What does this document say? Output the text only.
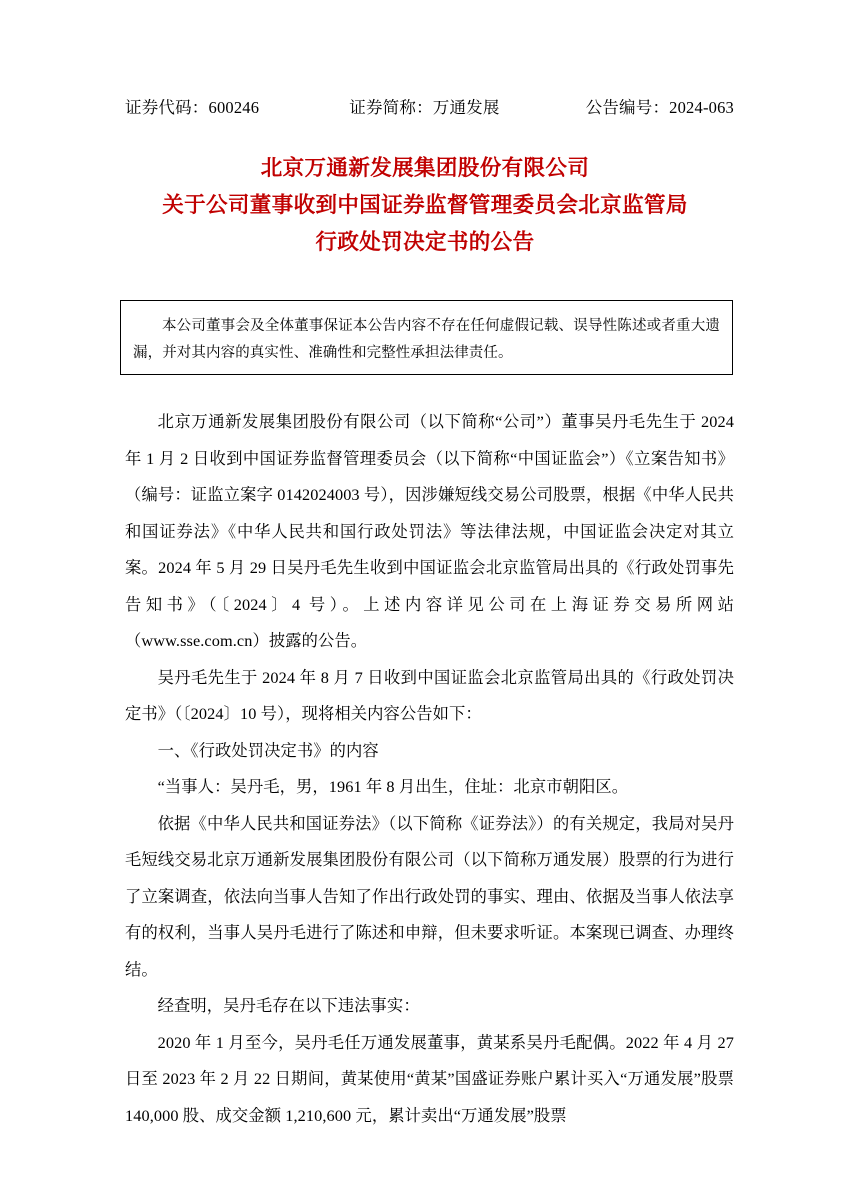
证券代码：600246	证券简称：万通发展	公告编号：2024-063
北京万通新发展集团股份有限公司
关于公司董事收到中国证券监督管理委员会北京监管局
行政处罚决定书的公告

本公司董事会及全体董事保证本公告内容不存在任何虚假记载、误导性陈述或者重大遗漏，并对其内容的真实性、准确性和完整性承担法律责任。

北京万通新发展集团股份有限公司（以下简称“公司”）董事吴丹毛先生于 2024 年 1 月 2 日收到中国证券监督管理委员会（以下简称“中国证监会”）《立案告知书》（编号：证监立案字 0142024003 号），因涉嫌短线交易公司股票，根据《中华人民共和国证券法》《中华人民共和国行政处罚法》等法律法规，中国证监会决定对其立案。2024 年 5 月 29 日吴丹毛先生收到中国证监会北京监管局出具的《行政处罚事先告知书》（〔2024〕4 号）。上述内容详见公司在上海证券交易所网站（www.sse.com.cn）披露的公告。

吴丹毛先生于 2024 年 8 月 7 日收到中国证监会北京监管局出具的《行政处罚决定书》（〔2024〕10 号），现将相关内容公告如下：

一、《行政处罚决定书》的内容

“当事人：吴丹毛，男，1961 年 8 月出生，住址：北京市朝阳区。

依据《中华人民共和国证券法》（以下简称《证券法》）的有关规定，我局对吴丹毛短线交易北京万通新发展集团股份有限公司（以下简称万通发展）股票的行为进行了立案调查，依法向当事人告知了作出行政处罚的事实、理由、依据及当事人依法享有的权利，当事人吴丹毛进行了陈述和申辩，但未要求听证。本案现已调查、办理终结。

经查明，吴丹毛存在以下违法事实：

2020 年 1 月至今，吴丹毛任万通发展董事，黄某系吴丹毛配偶。2022 年 4 月 27 日至 2023 年 2 月 22 日期间，黄某使用“黄某”国盛证券账户累计买入“万通发展”股票 140,000 股、成交金额 1,210,600 元，累计卖出“万通发展”股票
